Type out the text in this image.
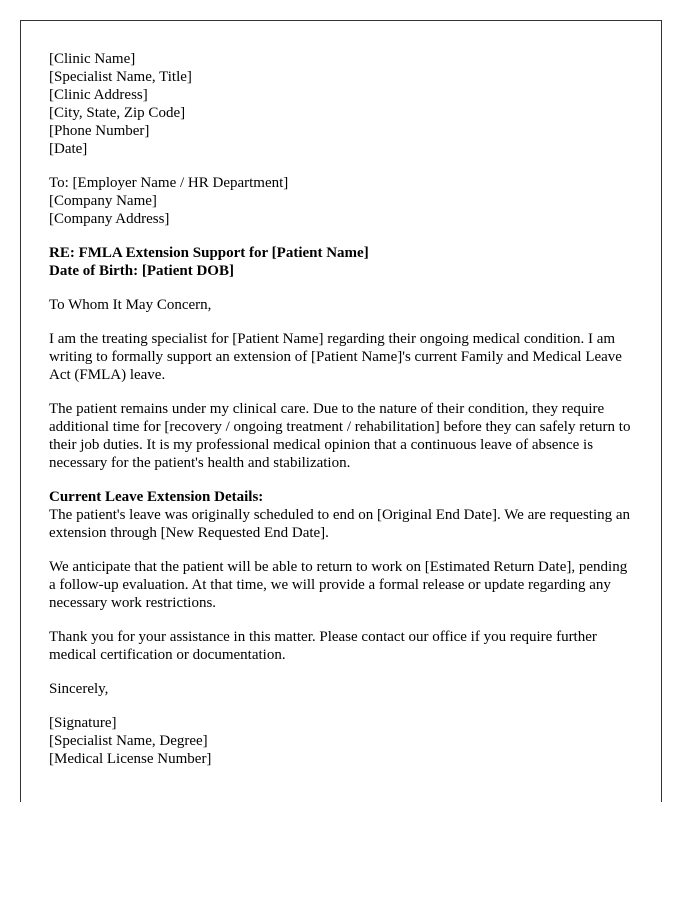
[Clinic Name]
[Specialist Name, Title]
[Clinic Address]
[City, State, Zip Code]
[Phone Number]
[Date]

To: [Employer Name / HR Department]
[Company Name]
[Company Address]

RE: FMLA Extension Support for [Patient Name]
Date of Birth: [Patient DOB]

To Whom It May Concern,

I am the treating specialist for [Patient Name] regarding their ongoing medical condition. I am writing to formally support an extension of [Patient Name]'s current Family and Medical Leave Act (FMLA) leave.

The patient remains under my clinical care. Due to the nature of their condition, they require additional time for [recovery / ongoing treatment / rehabilitation] before they can safely return to their job duties. It is my professional medical opinion that a continuous leave of absence is necessary for the patient's health and stabilization.

Current Leave Extension Details:
The patient's leave was originally scheduled to end on [Original End Date]. We are requesting an extension through [New Requested End Date].

We anticipate that the patient will be able to return to work on [Estimated Return Date], pending a follow-up evaluation. At that time, we will provide a formal release or update regarding any necessary work restrictions.

Thank you for your assistance in this matter. Please contact our office if you require further medical certification or documentation.

Sincerely,

[Signature]
[Specialist Name, Degree]
[Medical License Number]
